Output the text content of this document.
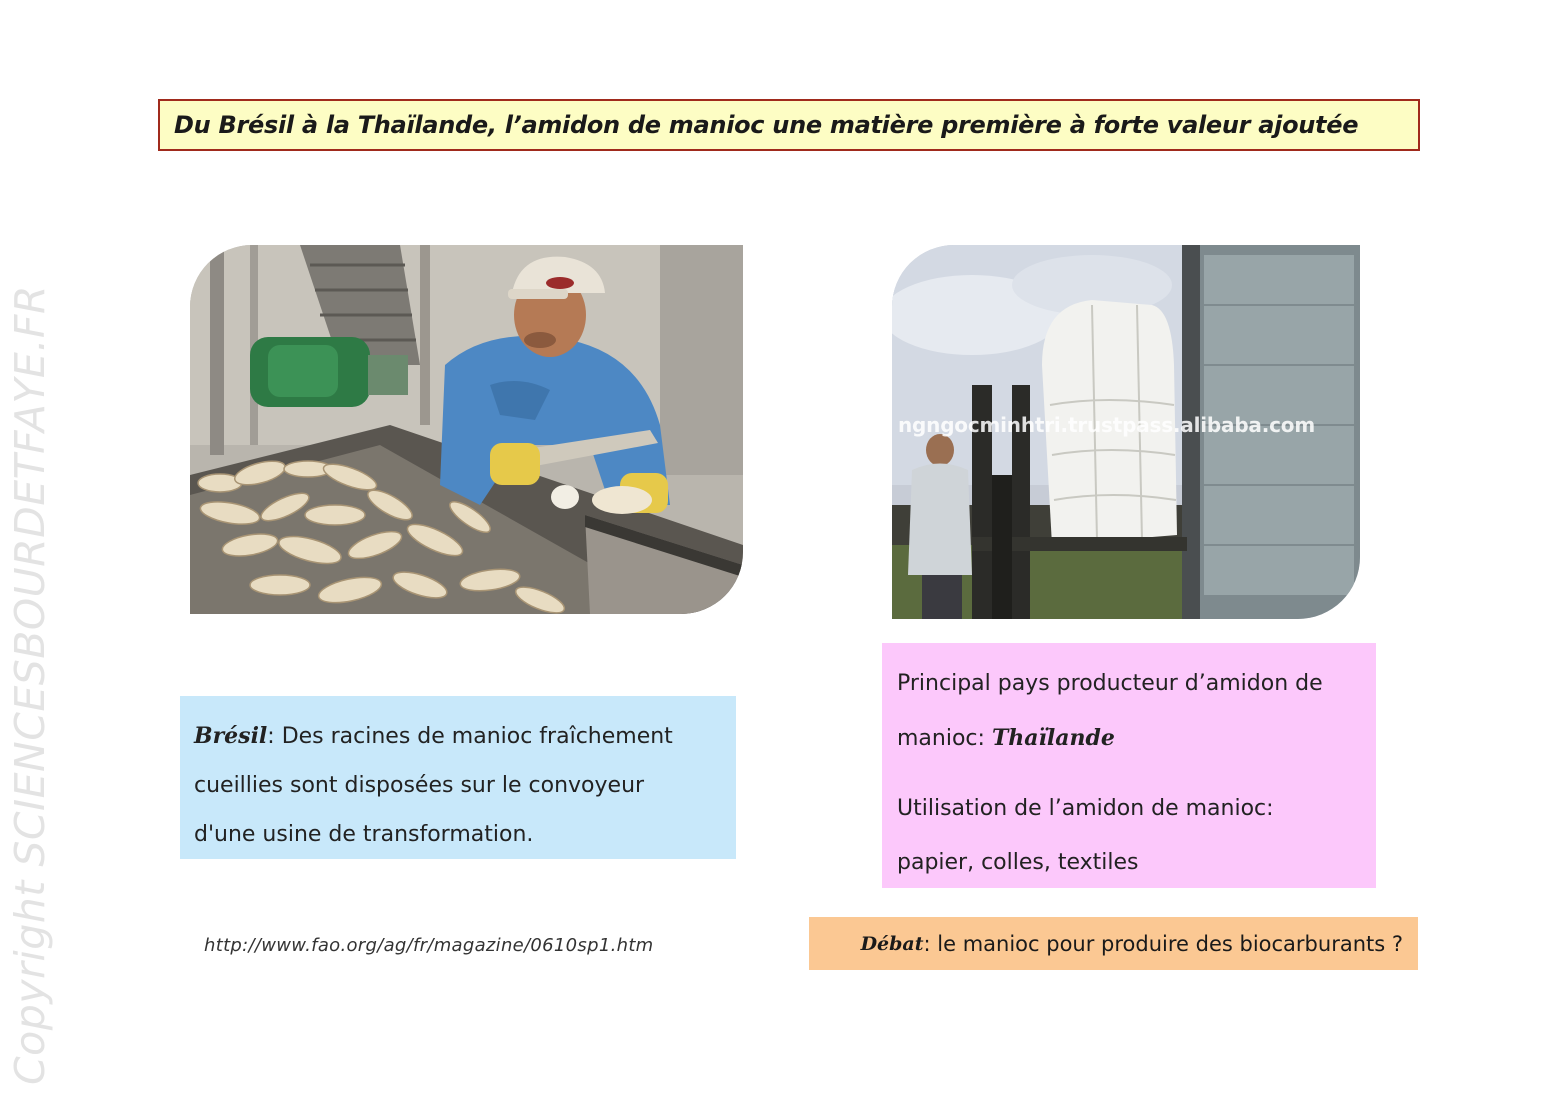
Du Brésil à la Thaïlande, l’amidon de manioc une matière première à forte valeur ajoutée
Copyright SCIENCESBOURDETFAYE.FR	ngngocminhtri.trustpass.alibaba.com
Brésil: Des racines de manioc fraîchement
cueillies sont disposées sur le convoyeur
d'une usine de transformation.
Principal pays producteur d’amidon de
manioc: Thaïlande
Utilisation de l’amidon de manioc:
papier, colles, textiles
http://www.fao.org/ag/fr/magazine/0610sp1.htm	Débat : le manioc pour produire des biocarburants ?
